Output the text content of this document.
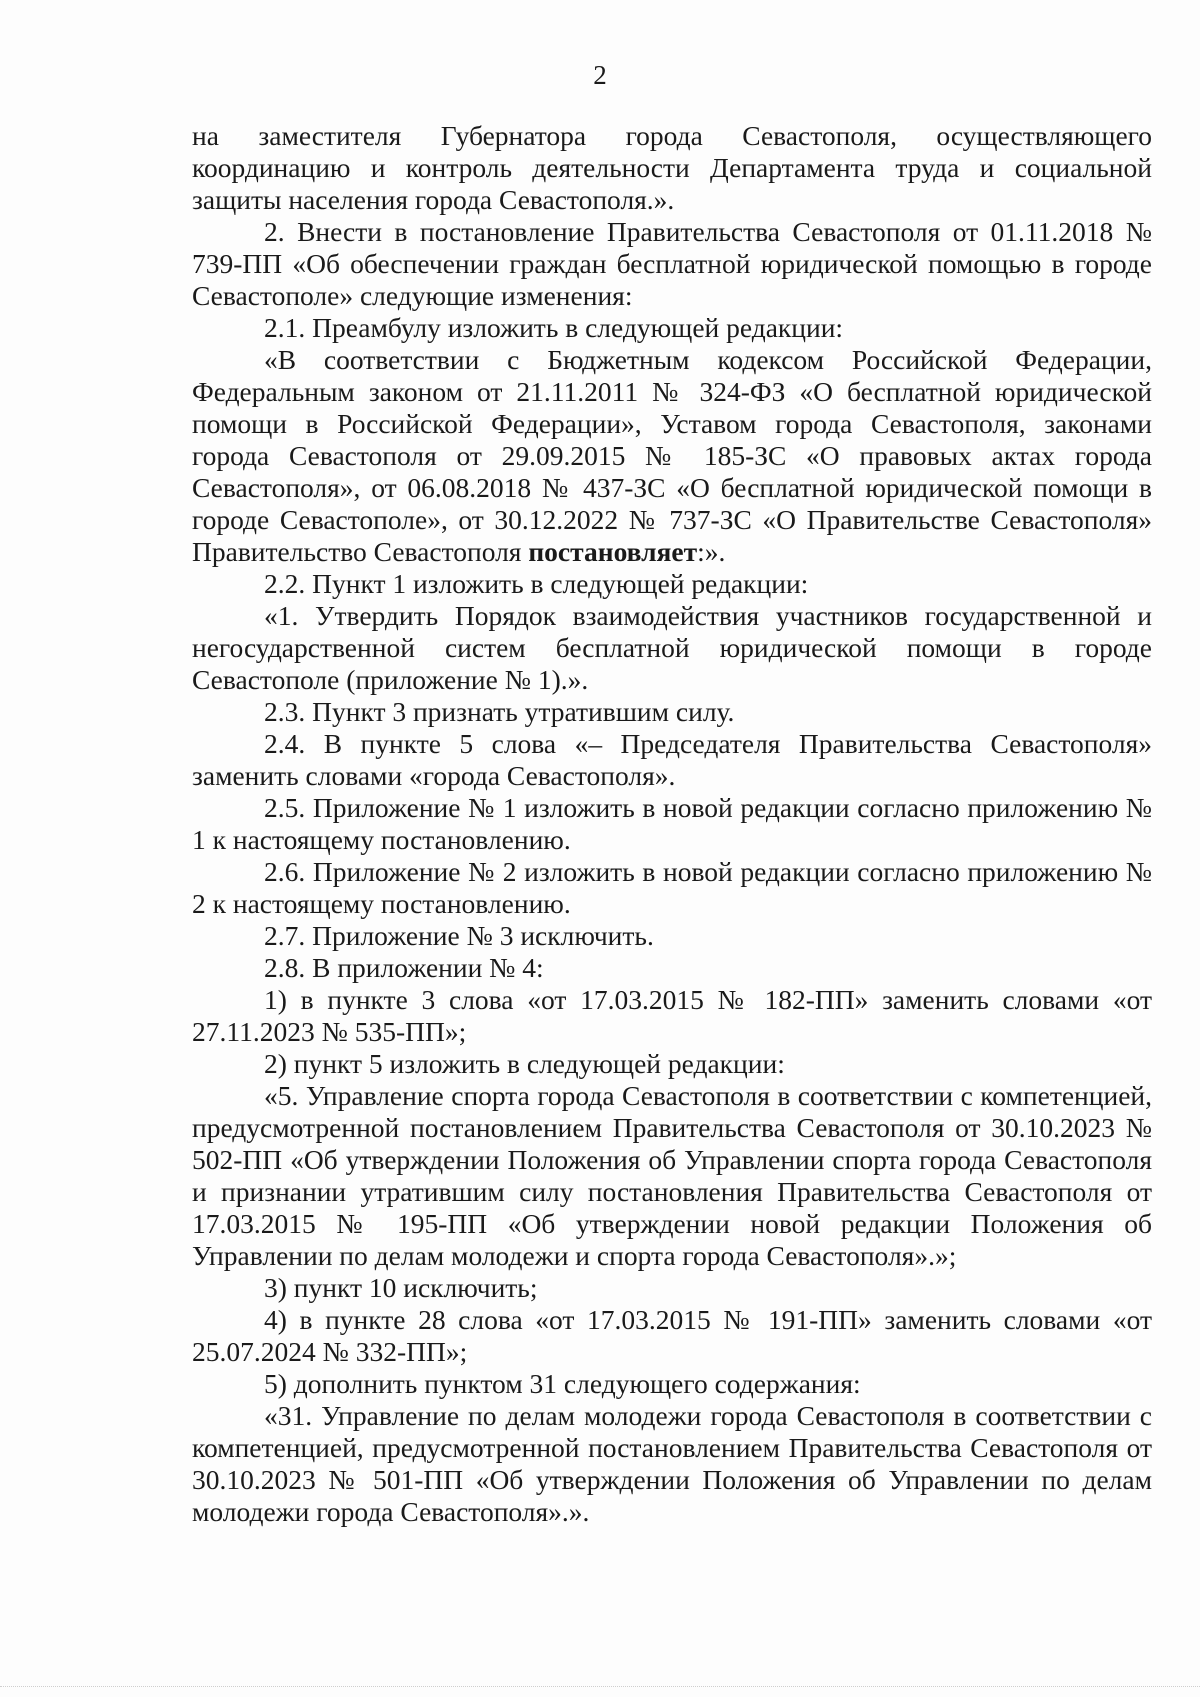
2

на заместителя Губернатора города Севастополя, осуществляющего координацию и контроль деятельности Департамента труда и социальной защиты населения города Севастополя.».

2. Внести в постановление Правительства Севастополя от 01.11.2018 № 739-ПП «Об обеспечении граждан бесплатной юридической помощью в городе Севастополе» следующие изменения:

2.1. Преамбулу изложить в следующей редакции:

«В соответствии с Бюджетным кодексом Российской Федерации, Федеральным законом от 21.11.2011 № 324-ФЗ «О бесплатной юридической помощи в Российской Федерации», Уставом города Севастополя, законами города Севастополя от 29.09.2015 № 185-ЗС «О правовых актах города Севастополя», от 06.08.2018 № 437-ЗС «О бесплатной юридической помощи в городе Севастополе», от 30.12.2022 № 737-ЗС «О Правительстве Севастополя» Правительство Севастополя постановляет:».

2.2. Пункт 1 изложить в следующей редакции:

«1. Утвердить Порядок взаимодействия участников государственной и негосударственной систем бесплатной юридической помощи в городе Севастополе (приложение № 1).».

2.3. Пункт 3 признать утратившим силу.

2.4. В пункте 5 слова «– Председателя Правительства Севастополя» заменить словами «города Севастополя».

2.5. Приложение № 1 изложить в новой редакции согласно приложению № 1 к настоящему постановлению.

2.6. Приложение № 2 изложить в новой редакции согласно приложению № 2 к настоящему постановлению.

2.7. Приложение № 3 исключить.

2.8. В приложении № 4:

1) в пункте 3 слова «от 17.03.2015 № 182-ПП» заменить словами «от 27.11.2023 № 535-ПП»;

2) пункт 5 изложить в следующей редакции:

«5. Управление спорта города Севастополя в соответствии с компетенцией, предусмотренной постановлением Правительства Севастополя от 30.10.2023 № 502-ПП «Об утверждении Положения об Управлении спорта города Севастополя и признании утратившим силу постановления Правительства Севастополя от 17.03.2015 № 195-ПП «Об утверждении новой редакции Положения об Управлении по делам молодежи и спорта города Севастополя».»;

3) пункт 10 исключить;

4) в пункте 28 слова «от 17.03.2015 № 191-ПП» заменить словами «от 25.07.2024 № 332-ПП»;

5) дополнить пунктом 31 следующего содержания:

«31. Управление по делам молодежи города Севастополя в соответствии с компетенцией, предусмотренной постановлением Правительства Севастополя от 30.10.2023 № 501-ПП «Об утверждении Положения об Управлении по делам молодежи города Севастополя».».
